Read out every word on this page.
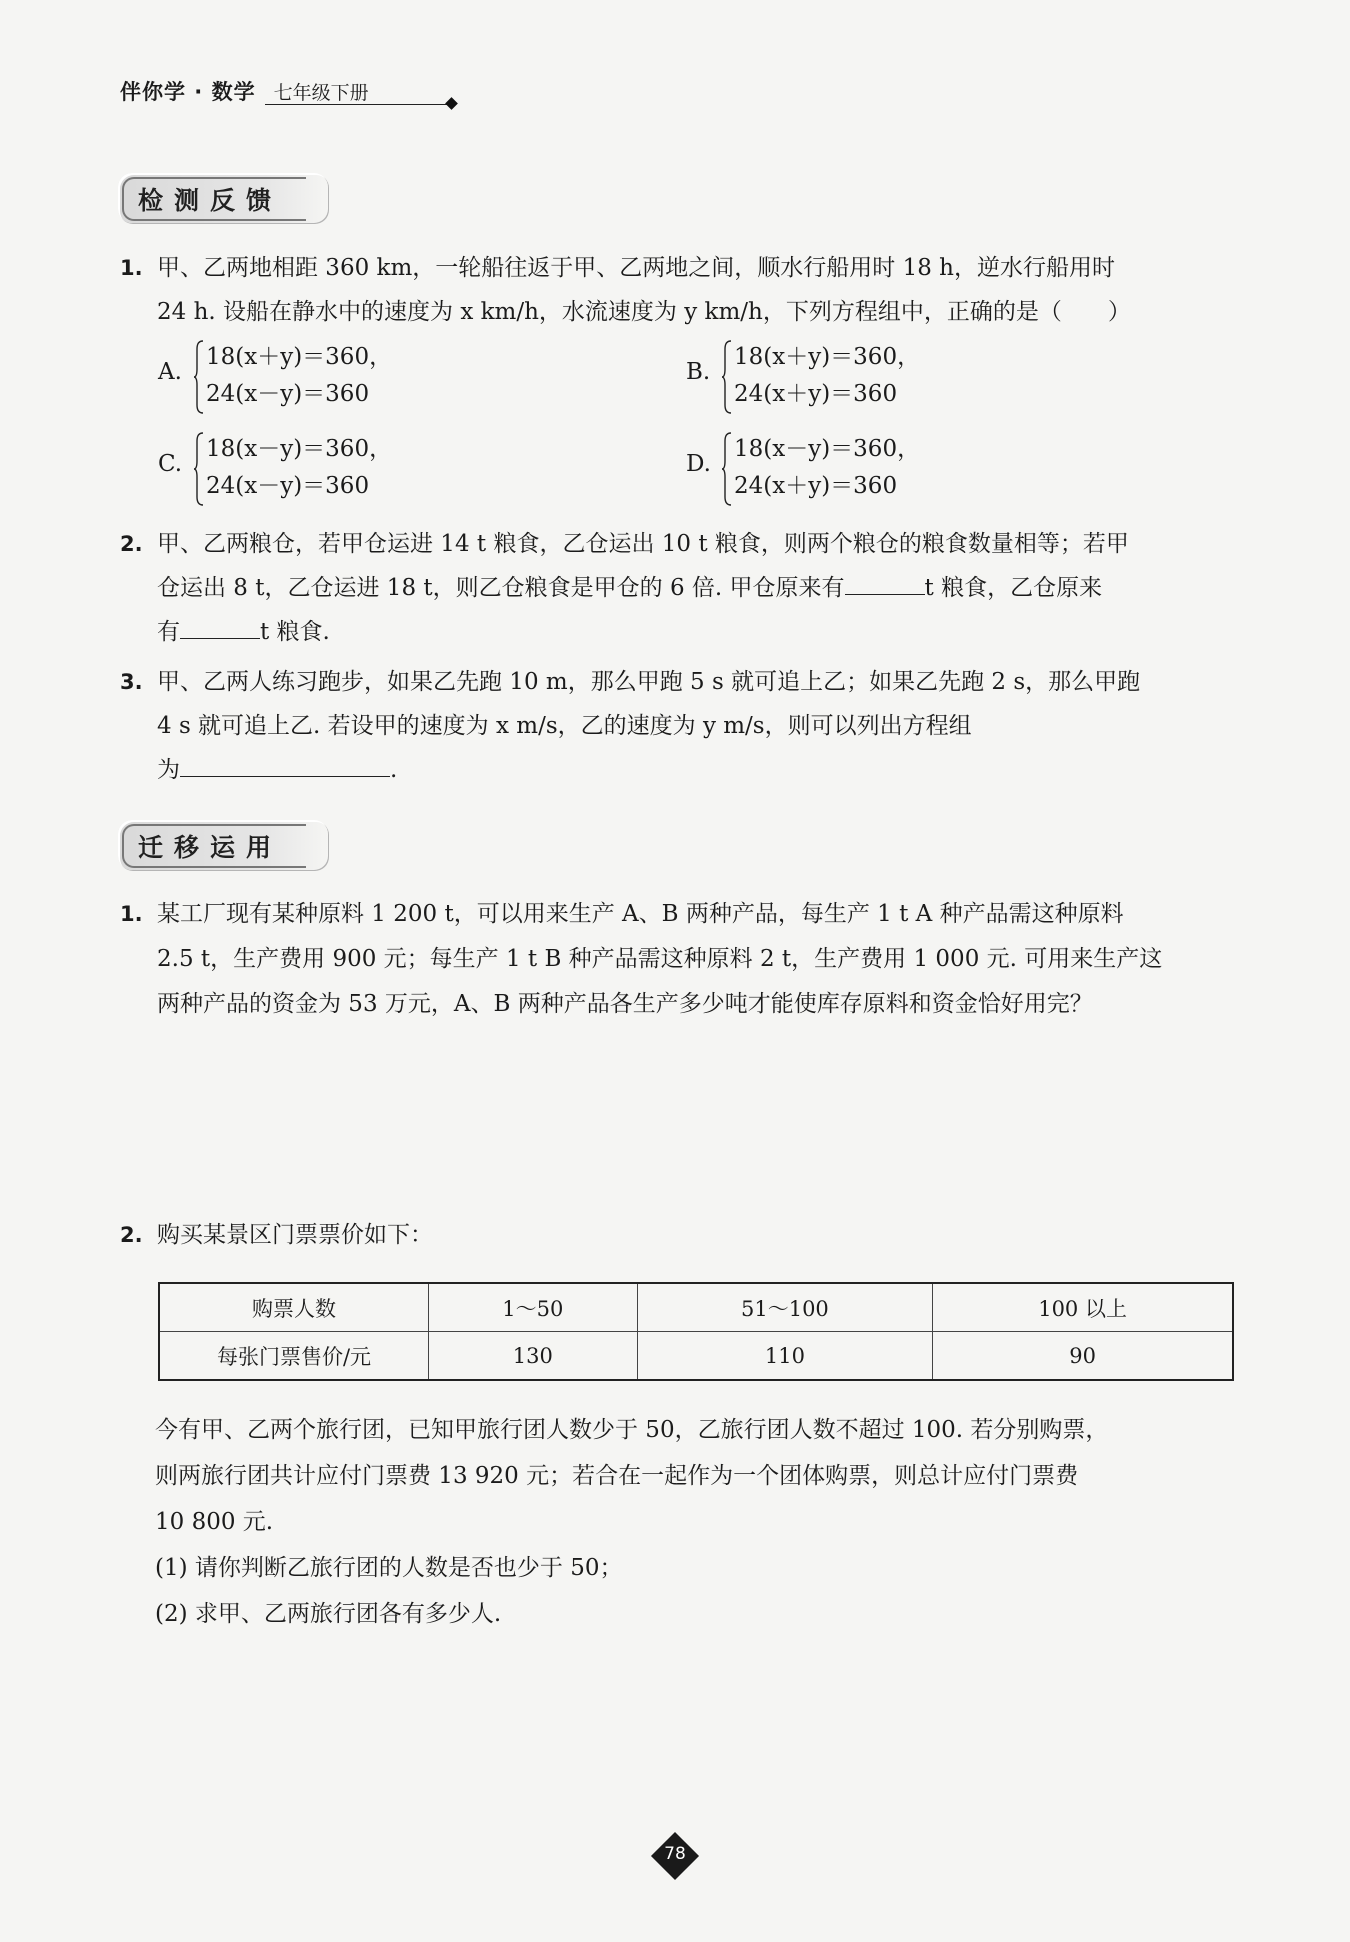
伴你学 · 数学 七年级下册
检测反馈
1. 甲、乙两地相距 360 km，一轮船往返于甲、乙两地之间，顺水行船用时 18 h，逆水行船用时
24 h. 设船在静水中的速度为 x km/h，水流速度为 y km/h，下列方程组中，正确的是（　　）
A.
18(x＋y)＝360，
24(x－y)＝360
B.
18(x＋y)＝360，
24(x＋y)＝360
C.
18(x－y)＝360，
24(x－y)＝360
D.
18(x－y)＝360，
24(x＋y)＝360
2. 甲、乙两粮仓，若甲仓运进 14 t 粮食，乙仓运出 10 t 粮食，则两个粮仓的粮食数量相等；若甲
仓运出 8 t，乙仓运进 18 t，则乙仓粮食是甲仓的 6 倍. 甲仓原来有	t 粮食，乙仓原来
有	t 粮食.
3. 甲、乙两人练习跑步，如果乙先跑 10 m，那么甲跑 5 s 就可追上乙；如果乙先跑 2 s，那么甲跑
4 s 就可追上乙. 若设甲的速度为 x m/s，乙的速度为 y m/s，则可以列出方程组
为	.
迁移运用
1. 某工厂现有某种原料 1 200 t，可以用来生产 A、B 两种产品，每生产 1 t A 种产品需这种原料
2.5 t，生产费用 900 元；每生产 1 t B 种产品需这种原料 2 t，生产费用 1 000 元. 可用来生产这
两种产品的资金为 53 万元，A、B 两种产品各生产多少吨才能使库存原料和资金恰好用完？
2. 购买某景区门票票价如下：
购票人数	1～50	51～100	100 以上
每张门票售价/元	130	110	90
今有甲、乙两个旅行团，已知甲旅行团人数少于 50，乙旅行团人数不超过 100. 若分别购票，
则两旅行团共计应付门票费 13 920 元；若合在一起作为一个团体购票，则总计应付门票费
10 800 元.
(1) 请你判断乙旅行团的人数是否也少于 50；
(2) 求甲、乙两旅行团各有多少人.
78
